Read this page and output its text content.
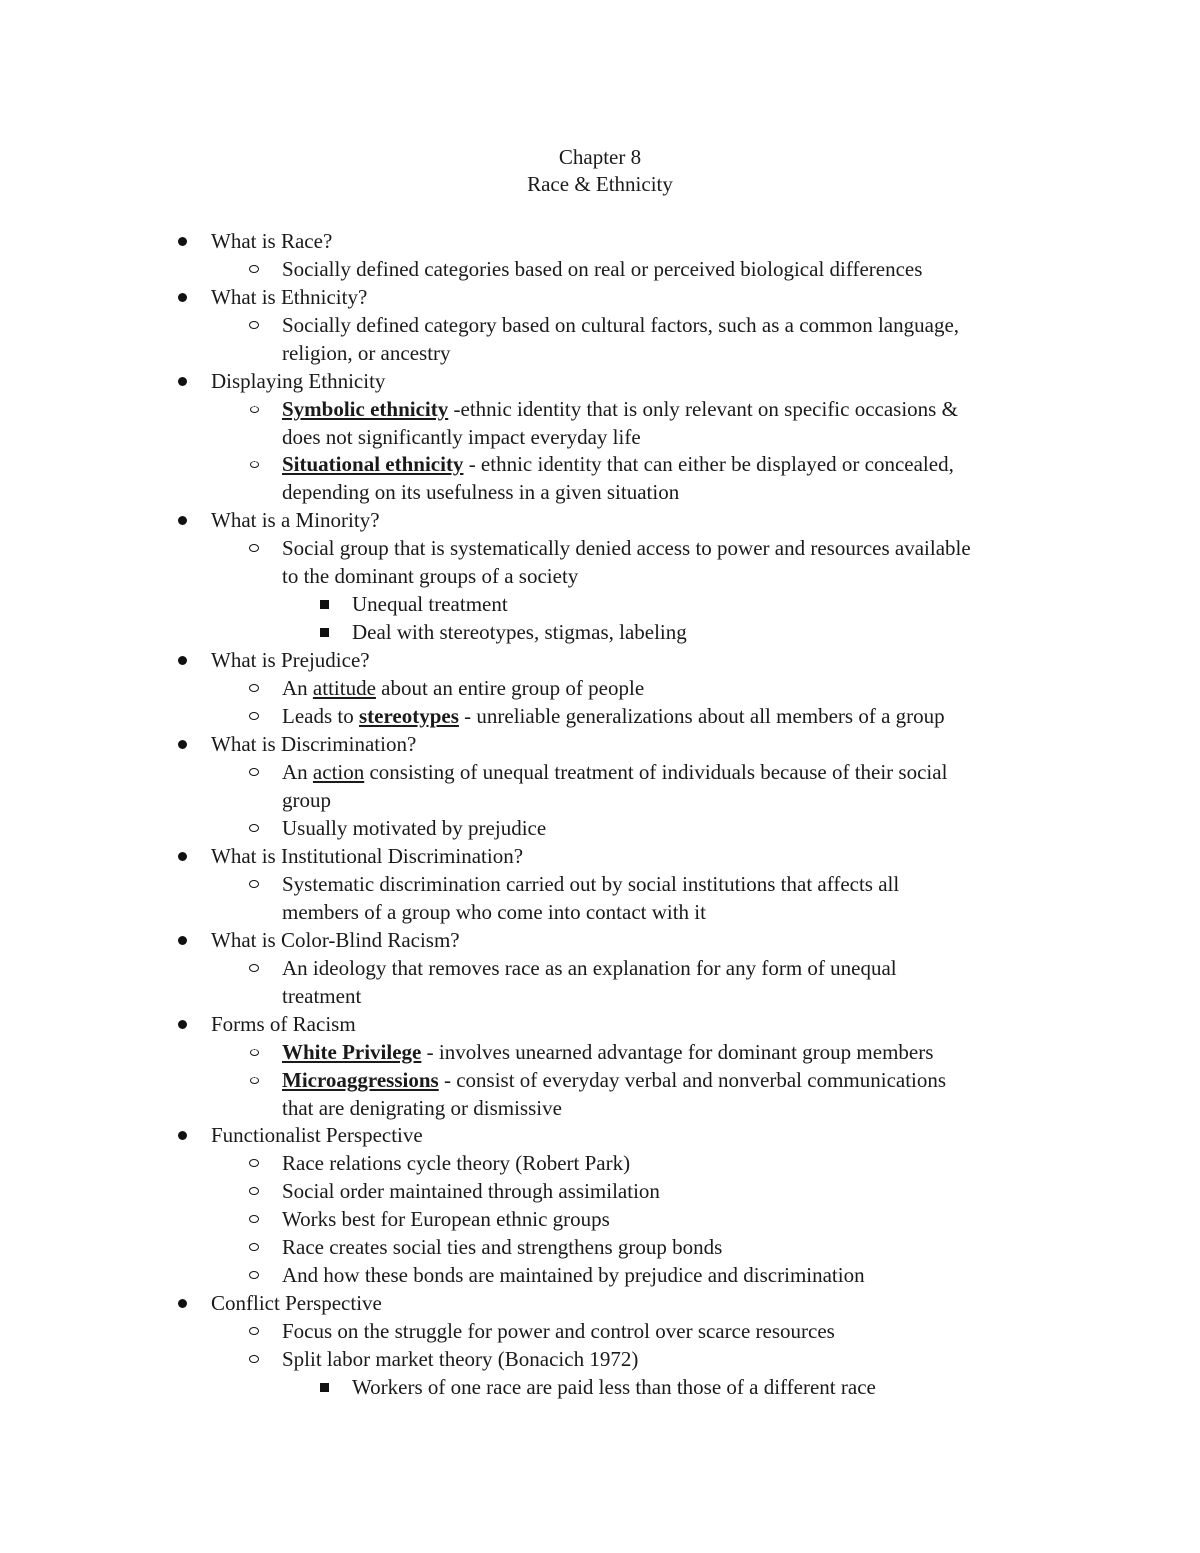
Chapter 8
Race & Ethnicity
What is Race?
Socially defined categories based on real or perceived biological differences
What is Ethnicity?
Socially defined category based on cultural factors, such as a common language,
religion, or ancestry
Displaying Ethnicity
Symbolic ethnicity -ethnic identity that is only relevant on specific occasions &
does not significantly impact everyday life
Situational ethnicity - ethnic identity that can either be displayed or concealed,
depending on its usefulness in a given situation
What is a Minority?
Social group that is systematically denied access to power and resources available
to the dominant groups of a society
Unequal treatment
Deal with stereotypes, stigmas, labeling
What is Prejudice?
An attitude about an entire group of people
Leads to stereotypes - unreliable generalizations about all members of a group
What is Discrimination?
An action consisting of unequal treatment of individuals because of their social
group
Usually motivated by prejudice
What is Institutional Discrimination?
Systematic discrimination carried out by social institutions that affects all
members of a group who come into contact with it
What is Color-Blind Racism?
An ideology that removes race as an explanation for any form of unequal
treatment
Forms of Racism
White Privilege - involves unearned advantage for dominant group members
Microaggressions - consist of everyday verbal and nonverbal communications
that are denigrating or dismissive
Functionalist Perspective
Race relations cycle theory (Robert Park)
Social order maintained through assimilation
Works best for European ethnic groups
Race creates social ties and strengthens group bonds
And how these bonds are maintained by prejudice and discrimination
Conflict Perspective
Focus on the struggle for power and control over scarce resources
Split labor market theory (Bonacich 1972)
Workers of one race are paid less than those of a different race
